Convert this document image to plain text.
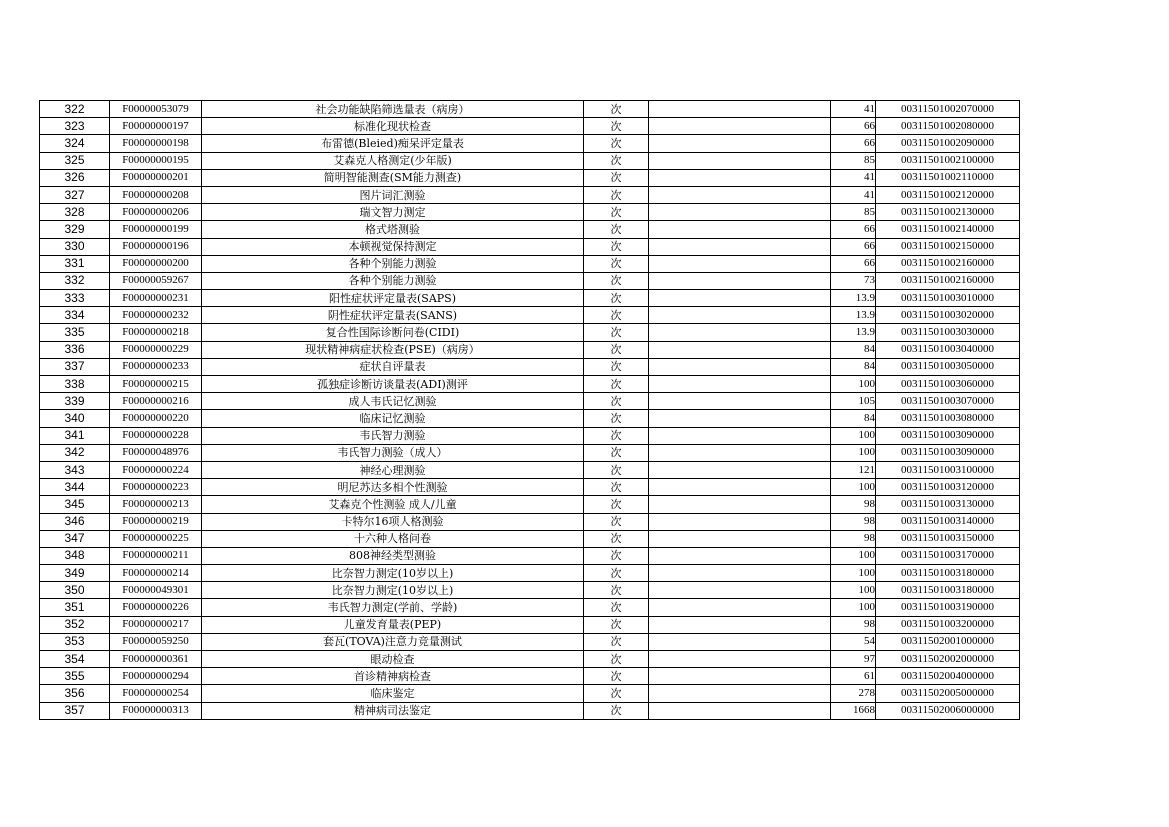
322	F00000053079	社会功能缺陷筛选量表（病房）	次		41	00311501002070000
323	F00000000197	标准化现状检查	次		66	00311501002080000
324	F00000000198	布雷德(Bleied)痴呆评定量表	次		66	00311501002090000
325	F00000000195	艾森克人格测定(少年版)	次		85	00311501002100000
326	F00000000201	简明智能测查(SM能力测查)	次		41	00311501002110000
327	F00000000208	图片词汇测验	次		41	00311501002120000
328	F00000000206	瑞文智力测定	次		85	00311501002130000
329	F00000000199	格式塔测验	次		66	00311501002140000
330	F00000000196	本顿视觉保持测定	次		66	00311501002150000
331	F00000000200	各种个别能力测验	次		66	00311501002160000
332	F00000059267	各种个别能力测验	次		73	00311501002160000
333	F00000000231	阳性症状评定量表(SAPS)	次		13.9	00311501003010000
334	F00000000232	阴性症状评定量表(SANS)	次		13.9	00311501003020000
335	F00000000218	复合性国际诊断问卷(CIDI)	次		13.9	00311501003030000
336	F00000000229	现状精神病症状检查(PSE)（病房）	次		84	00311501003040000
337	F00000000233	症状自评量表	次		84	00311501003050000
338	F00000000215	孤独症诊断访谈量表(ADI)测评	次		100	00311501003060000
339	F00000000216	成人韦氏记忆测验	次		105	00311501003070000
340	F00000000220	临床记忆测验	次		84	00311501003080000
341	F00000000228	韦氏智力测验	次		100	00311501003090000
342	F00000048976	韦氏智力测验（成人）	次		100	00311501003090000
343	F00000000224	神经心理测验	次		121	00311501003100000
344	F00000000223	明尼苏达多相个性测验	次		100	00311501003120000
345	F00000000213	艾森克个性测验 成人/儿童	次		98	00311501003130000
346	F00000000219	卡特尔16项人格测验	次		98	00311501003140000
347	F00000000225	十六种人格问卷	次		98	00311501003150000
348	F00000000211	808神经类型测验	次		100	00311501003170000
349	F00000000214	比奈智力测定(10岁以上)	次		100	00311501003180000
350	F00000049301	比奈智力测定(10岁以上)	次		100	00311501003180000
351	F00000000226	韦氏智力测定(学前、学龄)	次		100	00311501003190000
352	F00000000217	儿童发育量表(PEP)	次		98	00311501003200000
353	F00000059250	套瓦(TOVA)注意力竞量测试	次		54	00311502001000000
354	F00000000361	眼动检查	次		97	00311502002000000
355	F00000000294	首诊精神病检查	次		61	00311502004000000
356	F00000000254	临床鉴定	次		278	00311502005000000
357	F00000000313	精神病司法鉴定	次		1668	00311502006000000
